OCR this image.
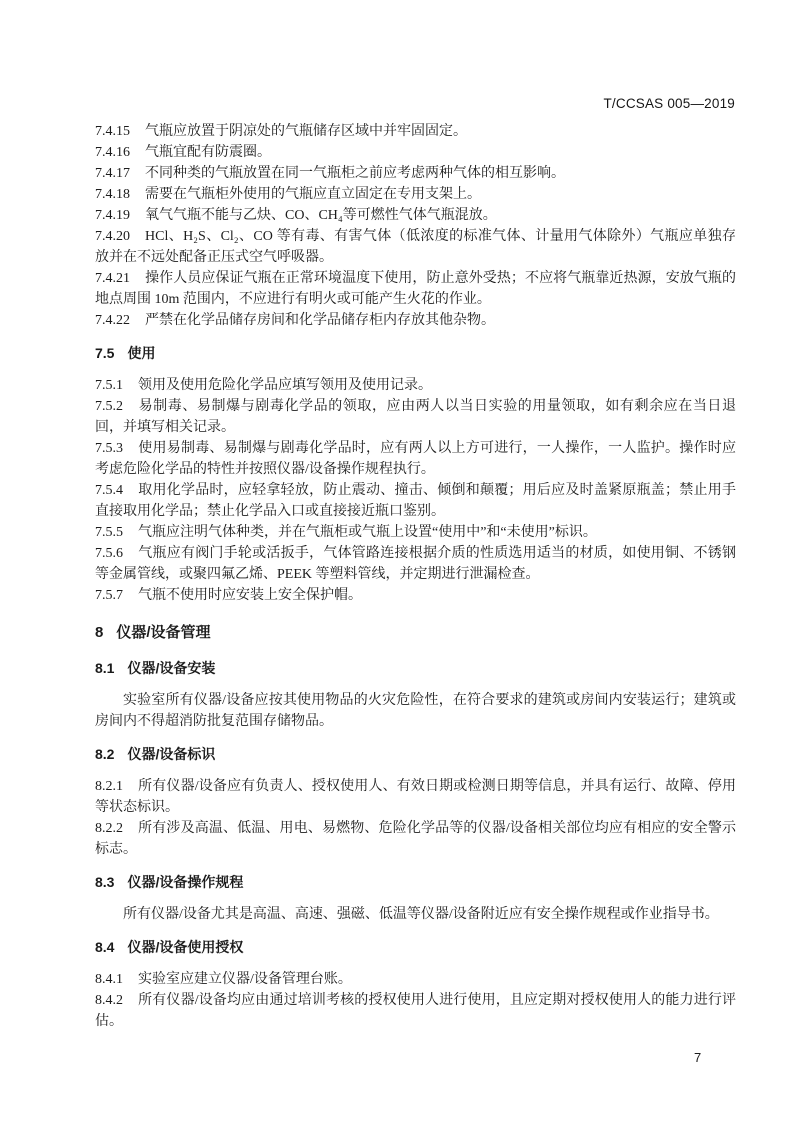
T/CCSAS 005—2019

7.4.15 气瓶应放置于阴凉处的气瓶储存区域中并牢固固定。

7.4.16 气瓶宜配有防震圈。

7.4.17 不同种类的气瓶放置在同一气瓶柜之前应考虑两种气体的相互影响。

7.4.18 需要在气瓶柜外使用的气瓶应直立固定在专用支架上。

7.4.19 氧气气瓶不能与乙炔、CO、CH₄等可燃性气体气瓶混放。

7.4.20 HCl、H₂S、Cl₂、CO 等有毒、有害气体（低浓度的标准气体、计量用气体除外）气瓶应单独存放并在不远处配备正压式空气呼吸器。

7.4.21 操作人员应保证气瓶在正常环境温度下使用，防止意外受热；不应将气瓶靠近热源，安放气瓶的地点周围 10m 范围内，不应进行有明火或可能产生火花的作业。

7.4.22 严禁在化学品储存房间和化学品储存柜内存放其他杂物。

7.5 使用

7.5.1 领用及使用危险化学品应填写领用及使用记录。

7.5.2 易制毒、易制爆与剧毒化学品的领取，应由两人以当日实验的用量领取，如有剩余应在当日退回，并填写相关记录。

7.5.3 使用易制毒、易制爆与剧毒化学品时，应有两人以上方可进行，一人操作，一人监护。操作时应考虑危险化学品的特性并按照仪器/设备操作规程执行。

7.5.4 取用化学品时，应轻拿轻放，防止震动、撞击、倾倒和颠覆；用后应及时盖紧原瓶盖；禁止用手直接取用化学品；禁止化学品入口或直接接近瓶口鉴别。

7.5.5 气瓶应注明气体种类，并在气瓶柜或气瓶上设置“使用中”和“未使用”标识。

7.5.6 气瓶应有阀门手轮或活扳手，气体管路连接根据介质的性质选用适当的材质，如使用铜、不锈钢等金属管线，或聚四氟乙烯、PEEK 等塑料管线，并定期进行泄漏检查。

7.5.7 气瓶不使用时应安装上安全保护帽。

8 仪器/设备管理
8.1 仪器/设备安装

实验室所有仪器/设备应按其使用物品的火灾危险性，在符合要求的建筑或房间内安装运行；建筑或房间内不得超消防批复范围存储物品。

8.2 仪器/设备标识

8.2.1 所有仪器/设备应有负责人、授权使用人、有效日期或检测日期等信息，并具有运行、故障、停用等状态标识。

8.2.2 所有涉及高温、低温、用电、易燃物、危险化学品等的仪器/设备相关部位均应有相应的安全警示标志。

8.3 仪器/设备操作规程

所有仪器/设备尤其是高温、高速、强磁、低温等仪器/设备附近应有安全操作规程或作业指导书。

8.4 仪器/设备使用授权

8.4.1 实验室应建立仪器/设备管理台账。

8.4.2 所有仪器/设备均应由通过培训考核的授权使用人进行使用，且应定期对授权使用人的能力进行评估。

7
